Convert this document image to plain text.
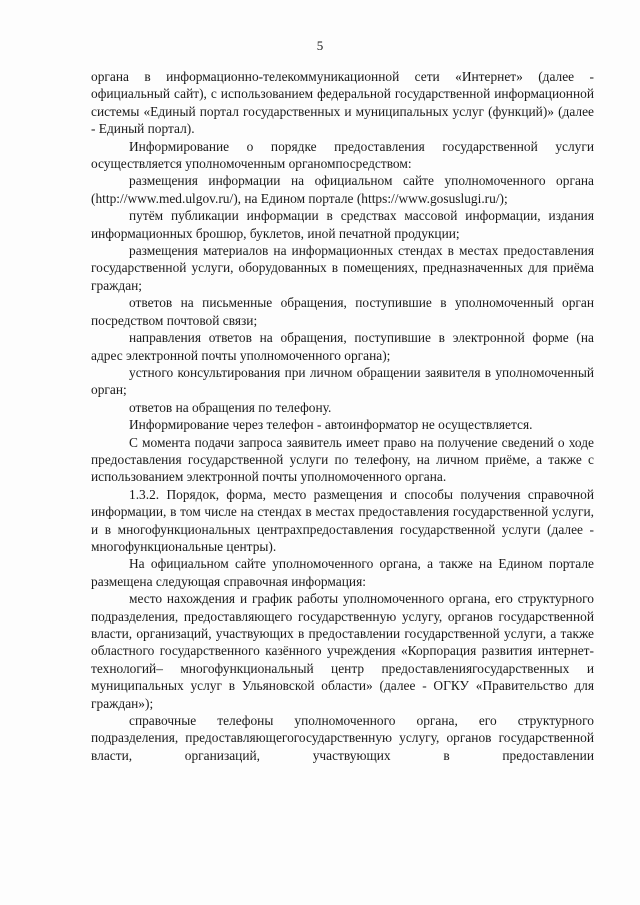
5

органа в информационно-телекоммуникационной сети «Интернет» (далее - официальный сайт), с использованием федеральной государственной информационной системы «Единый портал государственных и муниципальных услуг (функций)» (далее - Единый портал).

Информирование о порядке предоставления государственной услуги осуществляется уполномоченным органомпосредством:

размещения информации на официальном сайте уполномоченного органа (http://www.med.ulgov.ru/), на Едином портале (https://www.gosuslugi.ru/);

путём публикации информации в средствах массовой информации, издания информационных брошюр, буклетов, иной печатной продукции;

размещения материалов на информационных стендах в местах предоставления государственной услуги, оборудованных в помещениях, предназначенных для приёма граждан;

ответов на письменные обращения, поступившие в уполномоченный орган посредством почтовой связи;

направления ответов на обращения, поступившие в электронной форме (на адрес электронной почты уполномоченного органа);

устного консультирования при личном обращении заявителя в уполномоченный орган;

ответов на обращения по телефону.

Информирование через телефон - автоинформатор не осуществляется.

С момента подачи запроса заявитель имеет право на получение сведений о ходе предоставления государственной услуги по телефону, на личном приёме, а также с использованием электронной почты уполномоченного органа.

1.3.2. Порядок, форма, место размещения и способы получения справочной информации, в том числе на стендах в местах предоставления государственной услуги, и в многофункциональных центрахпредоставления государственной услуги (далее - многофункциональные центры).

На официальном сайте уполномоченного органа, а также на Едином портале размещена следующая справочная информация:

место нахождения и график работы уполномоченного органа, его структурного подразделения, предоставляющего государственную услугу, органов государственной власти, организаций, участвующих в предоставлении государственной услуги, а также областного государственного казённого учреждения «Корпорация развития интернет-технологий– многофункциональный центр предоставлениягосударственных и муниципальных услуг в Ульяновской области» (далее - ОГКУ «Правительство для граждан»);

справочные телефоны уполномоченного органа, его структурного подразделения, предоставляющегогосударственную услугу, органов государственной власти, организаций, участвующих в предоставлении
